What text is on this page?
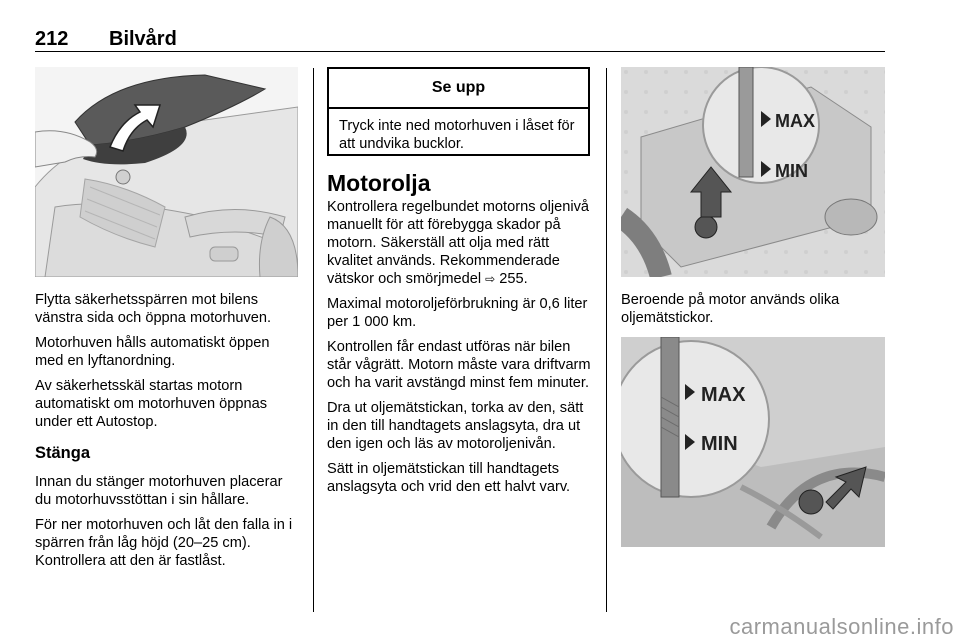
212 Bilvård

Flytta säkerhetsspärren mot bilens vänstra sida och öppna motorhuven.

Motorhuven hålls automatiskt öppen med en lyftanordning.

Av säkerhetsskäl startas motorn automatiskt om motorhuven öppnas under ett Autostop.

Stänga

Innan du stänger motorhuven placerar du motorhuvsstöttan i sin hållare.

För ner motorhuven och låt den falla in i spärren från låg höjd (20–25 cm). Kontrollera att den är fastlåst.

Se upp
Tryck inte ned motorhuven i låset för att undvika bucklor.
Motorolja

Kontrollera regelbundet motorns oljenivå manuellt för att förebygga skador på motorn. Säkerställ att olja med rätt kvalitet används. Rekommenderade vätskor och smörjmedel ⇨ 255.

Maximal motoroljeförbrukning är 0,6 liter per 1 000 km.

Kontrollen får endast utföras när bilen står vågrätt. Motorn måste vara driftvarm och ha varit avstängd minst fem minuter.

Dra ut oljemätstickan, torka av den, sätt in den till handtagets anslagsyta, dra ut den igen och läs av motoroljenivån.

Sätt in oljemätstickan till handtagets anslagsyta och vrid den ett halvt varv.

MAX
MIN

Beroende på motor används olika oljemätstickor.

MAX
MIN
carmanualsonline.info
